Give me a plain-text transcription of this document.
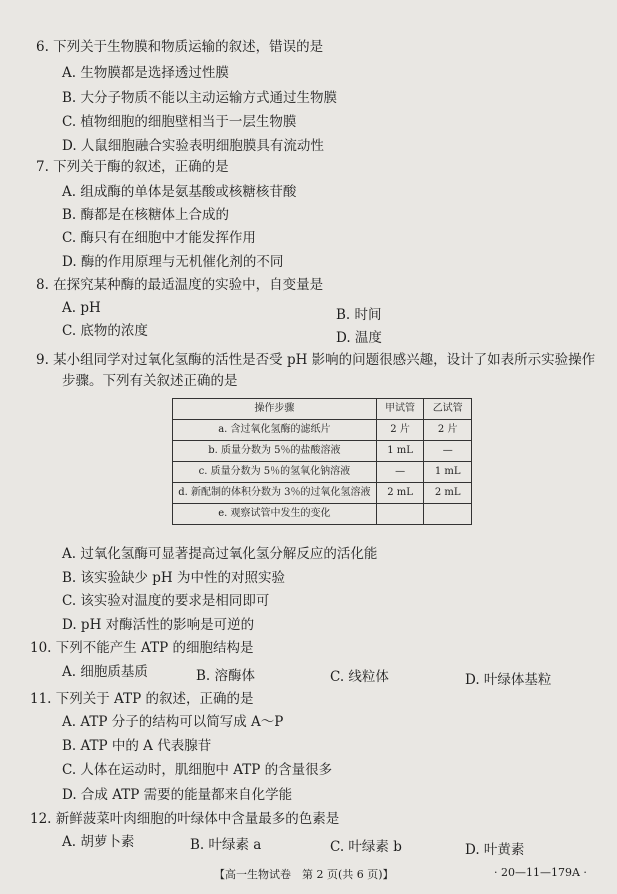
6. 下列关于生物膜和物质运输的叙述，错误的是
A. 生物膜都是选择透过性膜
B. 大分子物质不能以主动运输方式通过生物膜
C. 植物细胞的细胞壁相当于一层生物膜
D. 人鼠细胞融合实验表明细胞膜具有流动性
7. 下列关于酶的叙述，正确的是
A. 组成酶的单体是氨基酸或核糖核苷酸
B. 酶都是在核糖体上合成的
C. 酶只有在细胞中才能发挥作用
D. 酶的作用原理与无机催化剂的不同
8. 在探究某种酶的最适温度的实验中，自变量是
A. pH	B. 时间
C. 底物的浓度	D. 温度
9. 某小组同学对过氧化氢酶的活性是否受 pH 影响的问题很感兴趣，设计了如表所示实验操作
步骤。下列有关叙述正确的是
操作步骤	甲试管	乙试管
a. 含过氧化氢酶的滤纸片	2 片	2 片
b. 质量分数为 5％的盐酸溶液	1 mL	—
c. 质量分数为 5％的氢氧化钠溶液	—	1 mL
d. 新配制的体积分数为 3％的过氧化氢溶液	2 mL	2 mL
e. 观察试管中发生的变化		
A. 过氧化氢酶可显著提高过氧化氢分解反应的活化能
B. 该实验缺少 pH 为中性的对照实验
C. 该实验对温度的要求是相同即可
D. pH 对酶活性的影响是可逆的
10. 下列不能产生 ATP 的细胞结构是
A. 细胞质基质	B. 溶酶体	C. 线粒体	D. 叶绿体基粒
11. 下列关于 ATP 的叙述，正确的是
A. ATP 分子的结构可以简写成 A～P
B. ATP 中的 A 代表腺苷
C. 人体在运动时，肌细胞中 ATP 的含量很多
D. 合成 ATP 需要的能量都来自化学能
12. 新鲜菠菜叶肉细胞的叶绿体中含量最多的色素是
A. 胡萝卜素	B. 叶绿素 a	C. 叶绿素 b	D. 叶黄素
【高一生物试卷　第 2 页(共 6 页)】	· 20—11—179A ·
